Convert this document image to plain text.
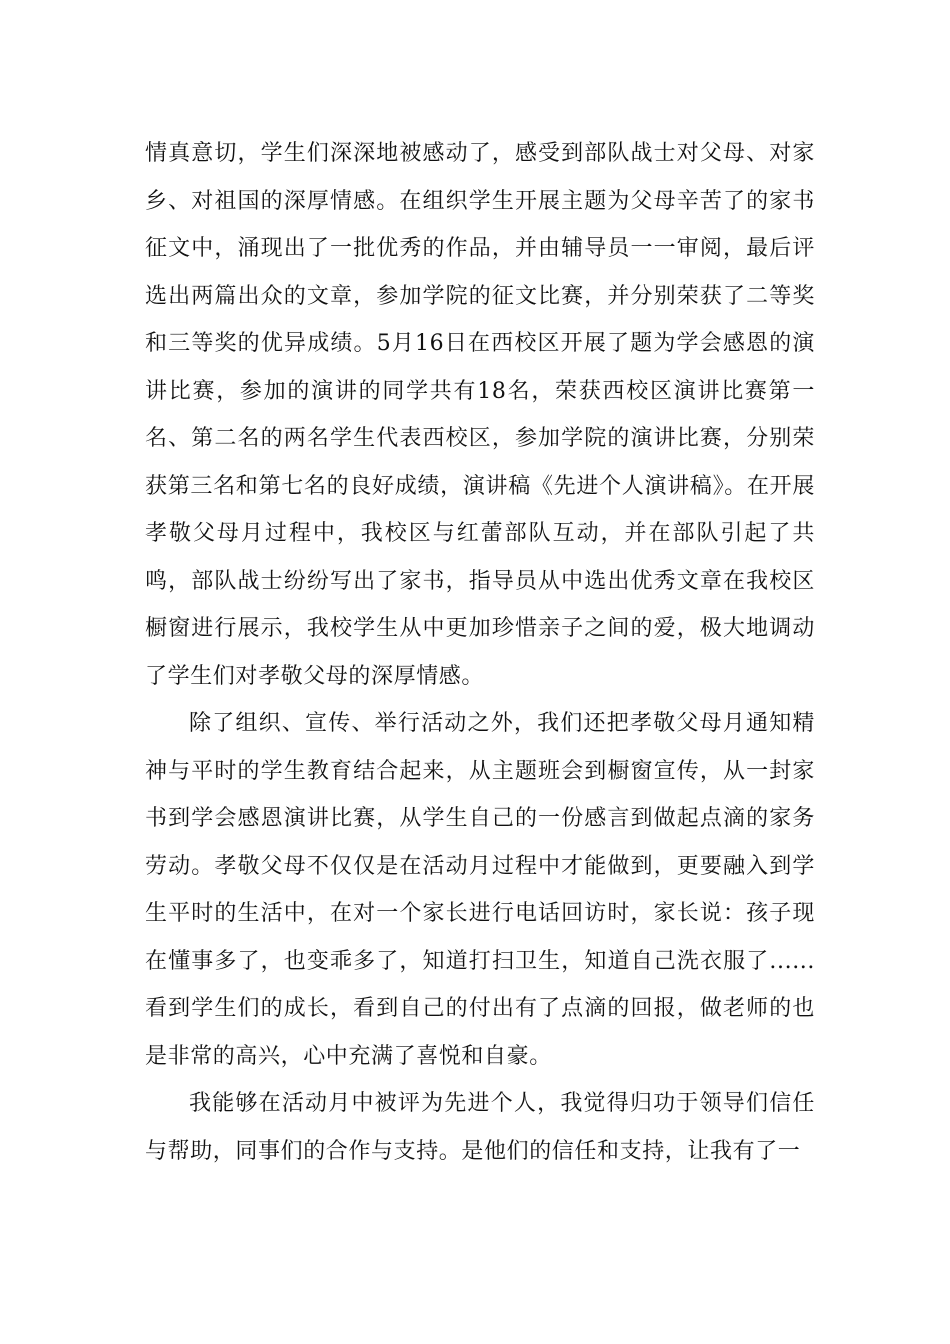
情真意切，学生们深深地被感动了，感受到部队战士对父母、对家乡、对祖国的深厚情感。在组织学生开展主题为父母辛苦了的家书征文中，涌现出了一批优秀的作品，并由辅导员一一审阅，最后评选出两篇出众的文章，参加学院的征文比赛，并分别荣获了二等奖和三等奖的优异成绩。5月16日在西校区开展了题为学会感恩的演讲比赛，参加的演讲的同学共有18名，荣获西校区演讲比赛第一名、第二名的两名学生代表西校区，参加学院的演讲比赛，分别荣获第三名和第七名的良好成绩，演讲稿《先进个人演讲稿》。在开展孝敬父母月过程中，我校区与红蕾部队互动，并在部队引起了共鸣，部队战士纷纷写出了家书，指导员从中选出优秀文章在我校区橱窗进行展示，我校学生从中更加珍惜亲子之间的爱，极大地调动了学生们对孝敬父母的深厚情感。

除了组织、宣传、举行活动之外，我们还把孝敬父母月通知精神与平时的学生教育结合起来，从主题班会到橱窗宣传，从一封家书到学会感恩演讲比赛，从学生自己的一份感言到做起点滴的家务劳动。孝敬父母不仅仅是在活动月过程中才能做到，更要融入到学生平时的生活中，在对一个家长进行电话回访时，家长说：孩子现在懂事多了，也变乖多了，知道打扫卫生，知道自己洗衣服了......看到学生们的成长，看到自己的付出有了点滴的回报，做老师的也是非常的高兴，心中充满了喜悦和自豪。

我能够在活动月中被评为先进个人，我觉得归功于领导们信任与帮助，同事们的合作与支持。是他们的信任和支持，让我有了一
